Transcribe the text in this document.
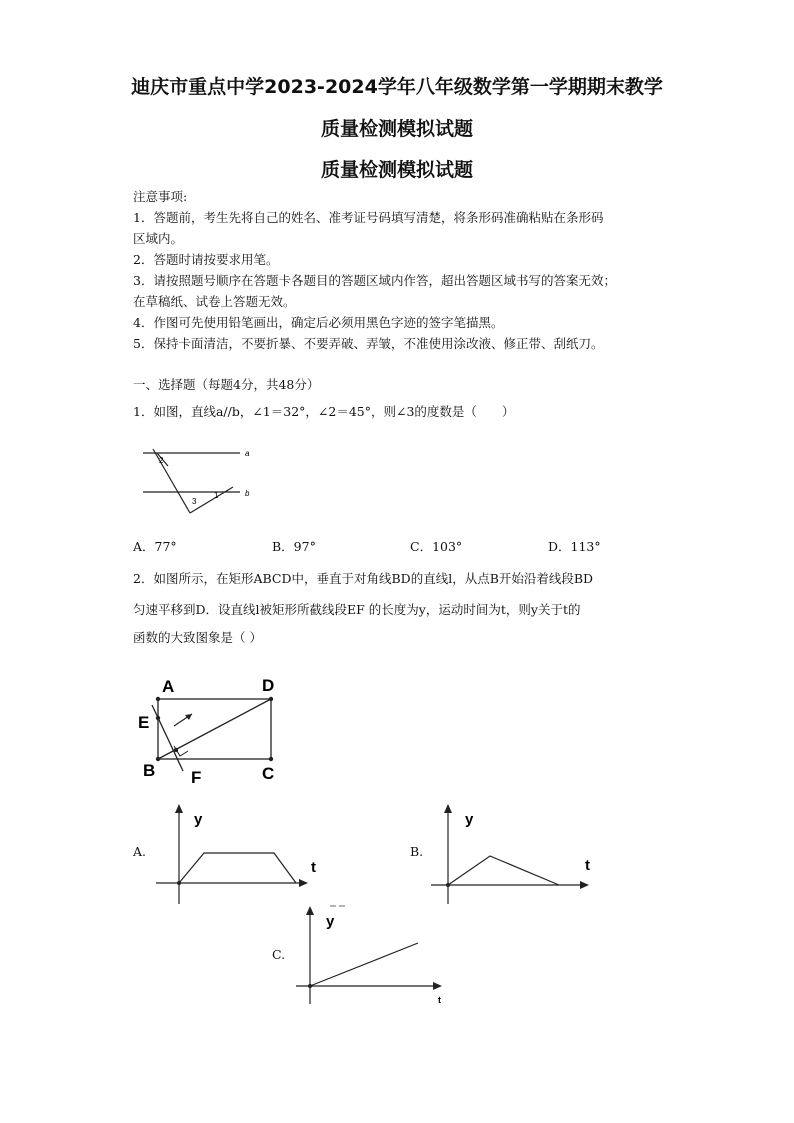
迪庆市重点中学2023-2024学年八年级数学第一学期期末教学
质量检测模拟试题
质量检测模拟试题
注意事项:
1．答题前，考生先将自己的姓名、准考证号码填写清楚，将条形码准确粘贴在条形码
区域内。
2．答题时请按要求用笔。
3．请按照题号顺序在答题卡各题目的答题区域内作答，超出答题区域书写的答案无效；
在草稿纸、试卷上答题无效。
4．作图可先使用铅笔画出，确定后必须用黑色字迹的签字笔描黑。
5．保持卡面清洁，不要折暴、不要弄破、弄皱，不准使用涂改液、修正带、刮纸刀。
一、选择题（每题4分，共48分）
1．如图，直线a//b，∠1＝32°，∠2＝45°，则∠3的度数是（　　）
a
b
2
3
1
A．77°	B．97°	C．103°	D．113°
2．如图所示，在矩形ABCD中，垂直于对角线BD的直线l，从点B开始沿着线段BD
匀速平移到D．设直线l被矩形所截线段EF 的长度为y，运动时间为t，则y关于t的
函数的大致图象是（ ）
A	D
E
B F	C
A.
y
t
B.
y
t
C.
y
t
